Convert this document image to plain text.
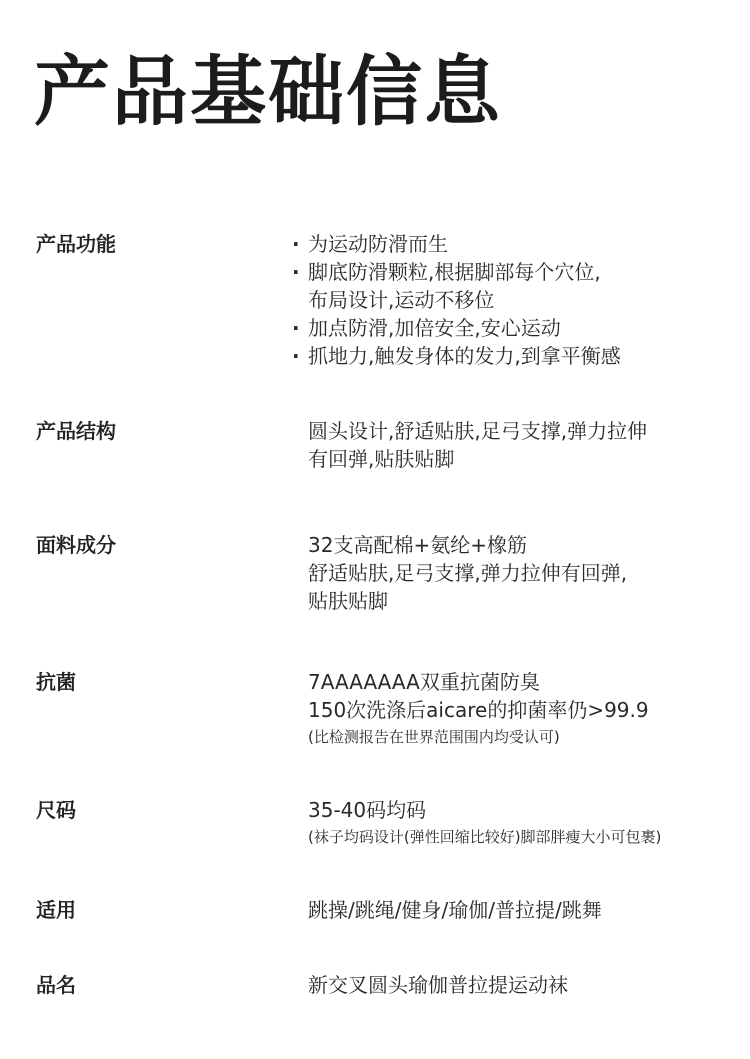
产品基础信息
产品功能	· 为运动防滑而生
· 脚底防滑颗粒,根据脚部每个穴位,
布局设计,运动不移位
· 加点防滑,加倍安全,安心运动
· 抓地力,触发身体的发力,到拿平衡感
产品结构	圆头设计,舒适贴肤,足弓支撑,弹力拉伸
有回弹,贴肤贴脚
面料成分	32支高配棉+氨纶+橡筋
舒适贴肤,足弓支撑,弹力拉伸有回弹,
贴肤贴脚
抗菌	7AAAAAAA双重抗菌防臭
150次洗涤后aicare的抑菌率仍>99.9
(比检测报告在世界范围围内均受认可)
尺码	35-40码均码
(袜子均码设计(弹性回缩比较好)脚部胖瘦大小可包裹)
适用	跳操/跳绳/健身/瑜伽/普拉提/跳舞
品名	新交叉圆头瑜伽普拉提运动袜
